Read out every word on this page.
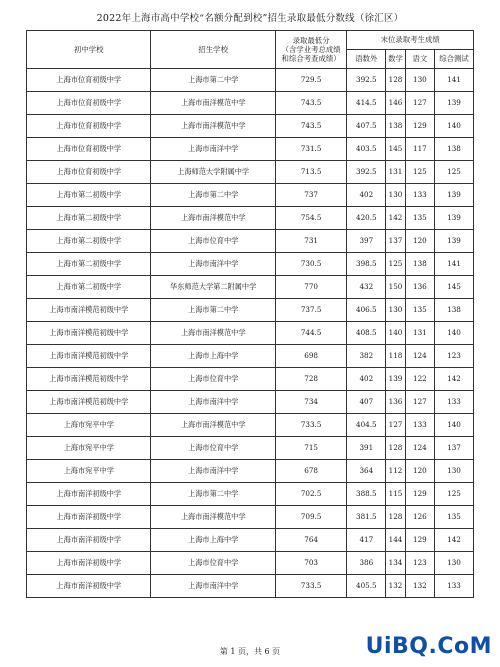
2022年上海市高中学校“名额分配到校”招生录取最低分数线（徐汇区）
初中学校	招生学校	录取最低分
（含学业考总成绩
和综合考查成绩）	末位录取考生成绩			
			语数外	数学	语文	综合测试
上海市位育初级中学	上海市第二中学	729.5	392.5	128	130	141
上海市位育初级中学	上海市南洋模范中学	743.5	414.5	146	127	139
上海市位育初级中学	上海市南洋模范中学	743.5	407.5	138	129	140
上海市位育初级中学	上海市南洋中学	731.5	403.5	145	117	138
上海市位育初级中学	上海师范大学附属中学	713.5	392.5	131	125	125
上海市第二初级中学	上海市第二中学	737	402	130	133	139
上海市第二初级中学	上海市南洋模范中学	754.5	420.5	142	135	139
上海市第二初级中学	上海市位育中学	731	397	137	120	139
上海市第二初级中学	上海市南洋中学	730.5	398.5	125	138	141
上海市第二初级中学	华东师范大学第二附属中学	770	432	150	136	145
上海市南洋模范初级中学	上海市第二中学	737.5	406.5	130	135	138
上海市南洋模范初级中学	上海市南洋模范中学	744.5	408.5	140	131	140
上海市南洋模范初级中学	上海市上海中学	698	382	118	124	123
上海市南洋模范初级中学	上海市位育中学	728	402	139	122	142
上海市南洋模范初级中学	上海市南洋中学	734	407	136	127	133
上海市宛平中学	上海市南洋模范中学	733.5	404.5	127	133	140
上海市宛平中学	上海市位育中学	715	391	128	124	137
上海市宛平中学	上海市南洋中学	678	364	112	120	130
上海市南洋初级中学	上海市第二中学	702.5	388.5	115	129	125
上海市南洋初级中学	上海市南洋模范中学	709.5	381.5	128	126	135
上海市南洋初级中学	上海市上海中学	764	417	144	129	142
上海市南洋初级中学	上海市位育中学	703	386	134	123	130
上海市南洋初级中学	上海市南洋中学	733.5	405.5	132	132	133
第 1 页，共 6 页	UiBQ.CoM
